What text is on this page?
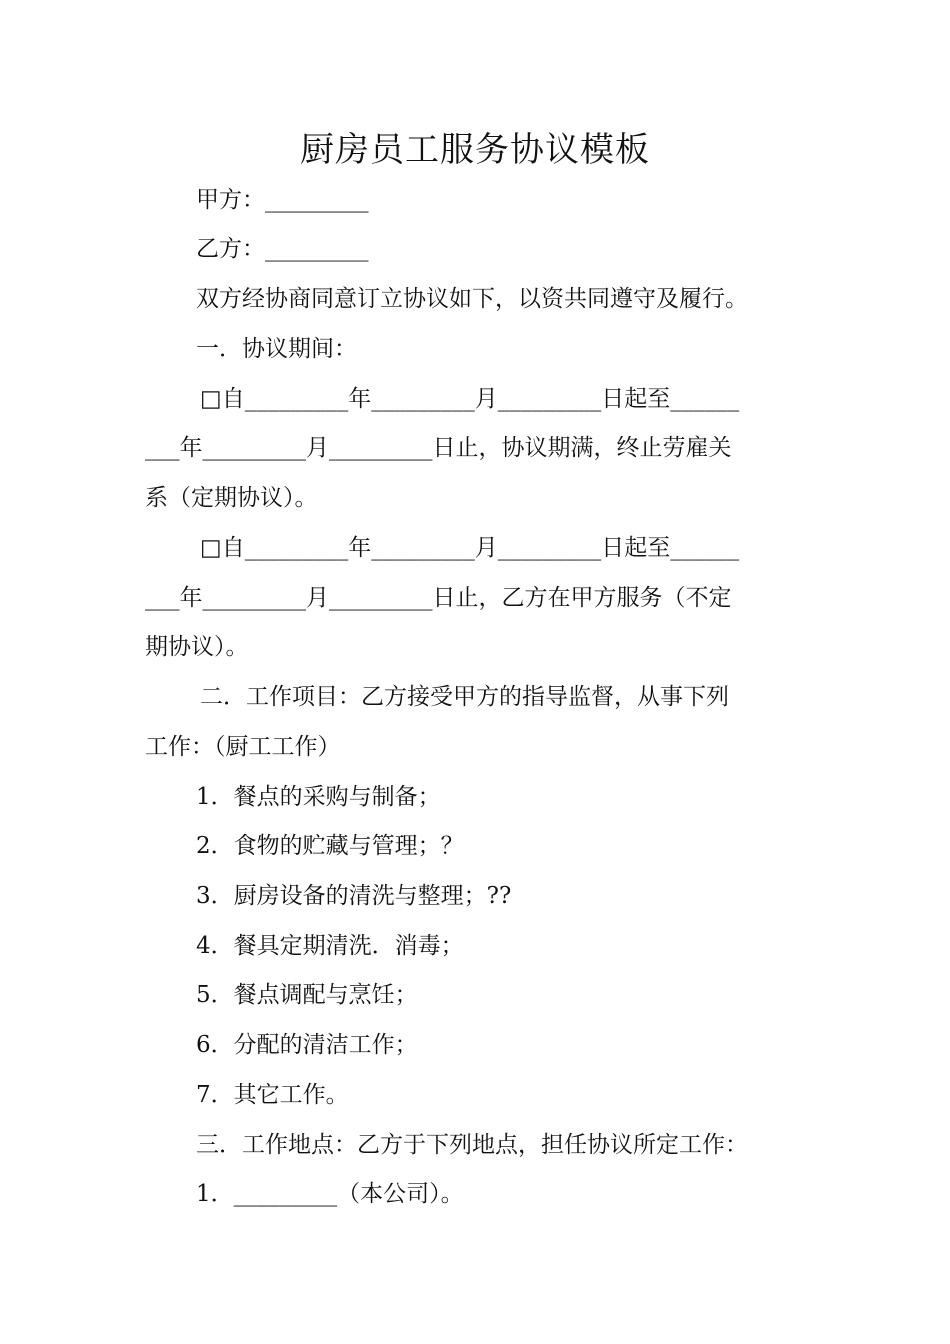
厨房员工服务协议模板
甲方：_________
乙方：_________
双方经协商同意订立协议如下，以资共同遵守及履行。
一．协议期间：
□自_________年_________月_________日起至______
___年_________月_________日止，协议期满，终止劳雇关
系（定期协议）。
□自_________年_________月_________日起至______
___年_________月_________日止，乙方在甲方服务（不定
期协议）。
二．工作项目：乙方接受甲方的指导监督，从事下列
工作：（厨工工作）
1．餐点的采购与制备；
2．食物的贮藏与管理；？
3．厨房设备的清洗与整理；??
4．餐具定期清洗．消毒；
5．餐点调配与烹饪；
6．分配的清洁工作；
7．其它工作。
三．工作地点：乙方于下列地点，担任协议所定工作：
1．_________（本公司）。
